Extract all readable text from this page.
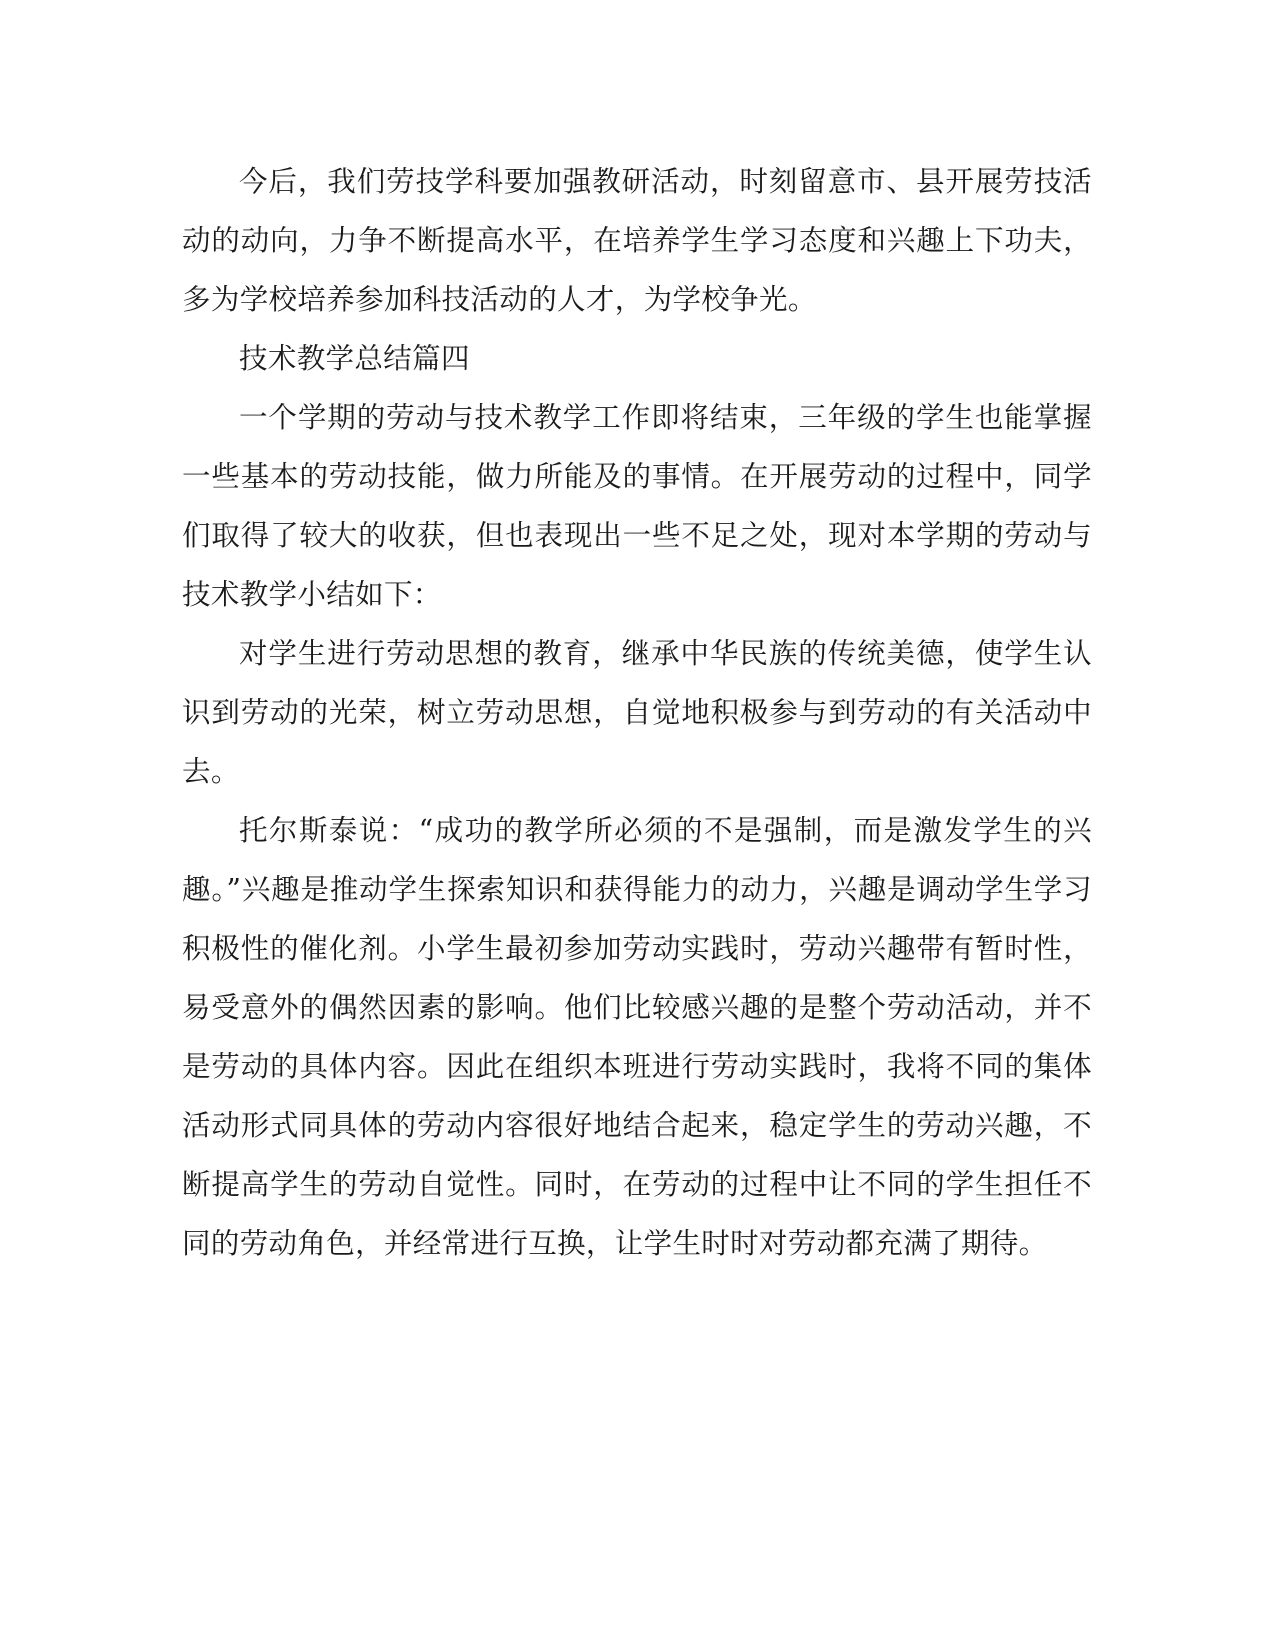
今后，我们劳技学科要加强教研活动，时刻留意市、县开展劳技活动的动向，力争不断提高水平，在培养学生学习态度和兴趣上下功夫，多为学校培养参加科技活动的人才，为学校争光。

技术教学总结篇四

一个学期的劳动与技术教学工作即将结束，三年级的学生也能掌握一些基本的劳动技能，做力所能及的事情。在开展劳动的过程中，同学们取得了较大的收获，但也表现出一些不足之处，现对本学期的劳动与技术教学小结如下：

对学生进行劳动思想的教育，继承中华民族的传统美德，使学生认识到劳动的光荣，树立劳动思想，自觉地积极参与到劳动的有关活动中去。

托尔斯泰说：“成功的教学所必须的不是强制，而是激发学生的兴趣。”兴趣是推动学生探索知识和获得能力的动力，兴趣是调动学生学习积极性的催化剂。小学生最初参加劳动实践时，劳动兴趣带有暂时性，易受意外的偶然因素的影响。他们比较感兴趣的是整个劳动活动，并不是劳动的具体内容。因此在组织本班进行劳动实践时，我将不同的集体活动形式同具体的劳动内容很好地结合起来，稳定学生的劳动兴趣，不断提高学生的劳动自觉性。同时，在劳动的过程中让不同的学生担任不同的劳动角色，并经常进行互换，让学生时时对劳动都充满了期待。
